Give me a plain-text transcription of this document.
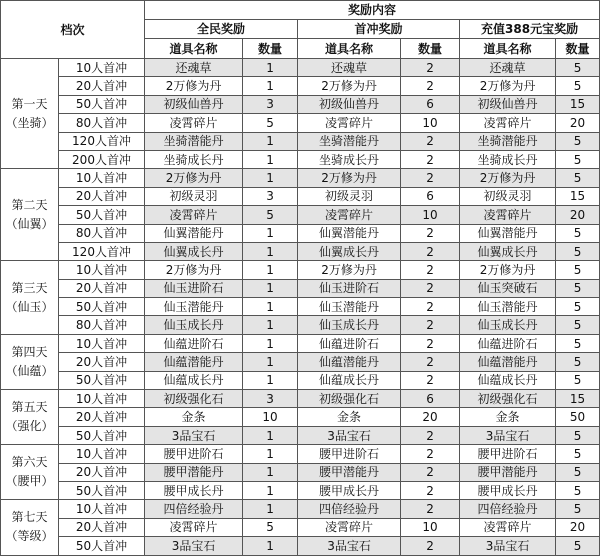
档次		奖励内容					
		全民奖励		首冲奖励		充值388元宝奖励	
		道具名称	数量	道具名称	数量	道具名称	数量

第一天
（坐骑）	10人首冲	还魂草	1	还魂草	2	还魂草	5
	20人首冲	2万修为丹	1	2万修为丹	2	2万修为丹	5
	50人首冲	初级仙兽丹	3	初级仙兽丹	6	初级仙兽丹	15
	80人首冲	凌霄碎片	5	凌霄碎片	10	凌霄碎片	20
	120人首冲	坐骑潜能丹	1	坐骑潜能丹	2	坐骑潜能丹	5
	200人首冲	坐骑成长丹	1	坐骑成长丹	2	坐骑成长丹	5

第二天
（仙翼）	10人首冲	2万修为丹	1	2万修为丹	2	2万修为丹	5
	20人首冲	初级灵羽	3	初级灵羽	6	初级灵羽	15
	50人首冲	凌霄碎片	5	凌霄碎片	10	凌霄碎片	20
	80人首冲	仙翼潜能丹	1	仙翼潜能丹	2	仙翼潜能丹	5
	120人首冲	仙翼成长丹	1	仙翼成长丹	2	仙翼成长丹	5

第三天
（仙玉）	10人首冲	2万修为丹	1	2万修为丹	2	2万修为丹	5
	20人首冲	仙玉进阶石	1	仙玉进阶石	2	仙玉突破石	5
	50人首冲	仙玉潜能丹	1	仙玉潜能丹	2	仙玉潜能丹	5
	80人首冲	仙玉成长丹	1	仙玉成长丹	2	仙玉成长丹	5

第四天
（仙蕴）	10人首冲	仙蕴进阶石	1	仙蕴进阶石	2	仙蕴进阶石	5
	20人首冲	仙蕴潜能丹	1	仙蕴潜能丹	2	仙蕴潜能丹	5
	50人首冲	仙蕴成长丹	1	仙蕴成长丹	2	仙蕴成长丹	5

第五天
（强化）	10人首冲	初级强化石	3	初级强化石	6	初级强化石	15
	20人首冲	金条	10	金条	20	金条	50
	50人首冲	3品宝石	1	3品宝石	2	3品宝石	5

第六天
（腰甲）	10人首冲	腰甲进阶石	1	腰甲进阶石	2	腰甲进阶石	5
	20人首冲	腰甲潜能丹	1	腰甲潜能丹	2	腰甲潜能丹	5
	50人首冲	腰甲成长丹	1	腰甲成长丹	2	腰甲成长丹	5

第七天
（等级）	10人首冲	四倍经验丹	1	四倍经验丹	2	四倍经验丹	5
	20人首冲	凌霄碎片	5	凌霄碎片	10	凌霄碎片	20
	50人首冲	3品宝石	1	3品宝石	2	3品宝石	5
